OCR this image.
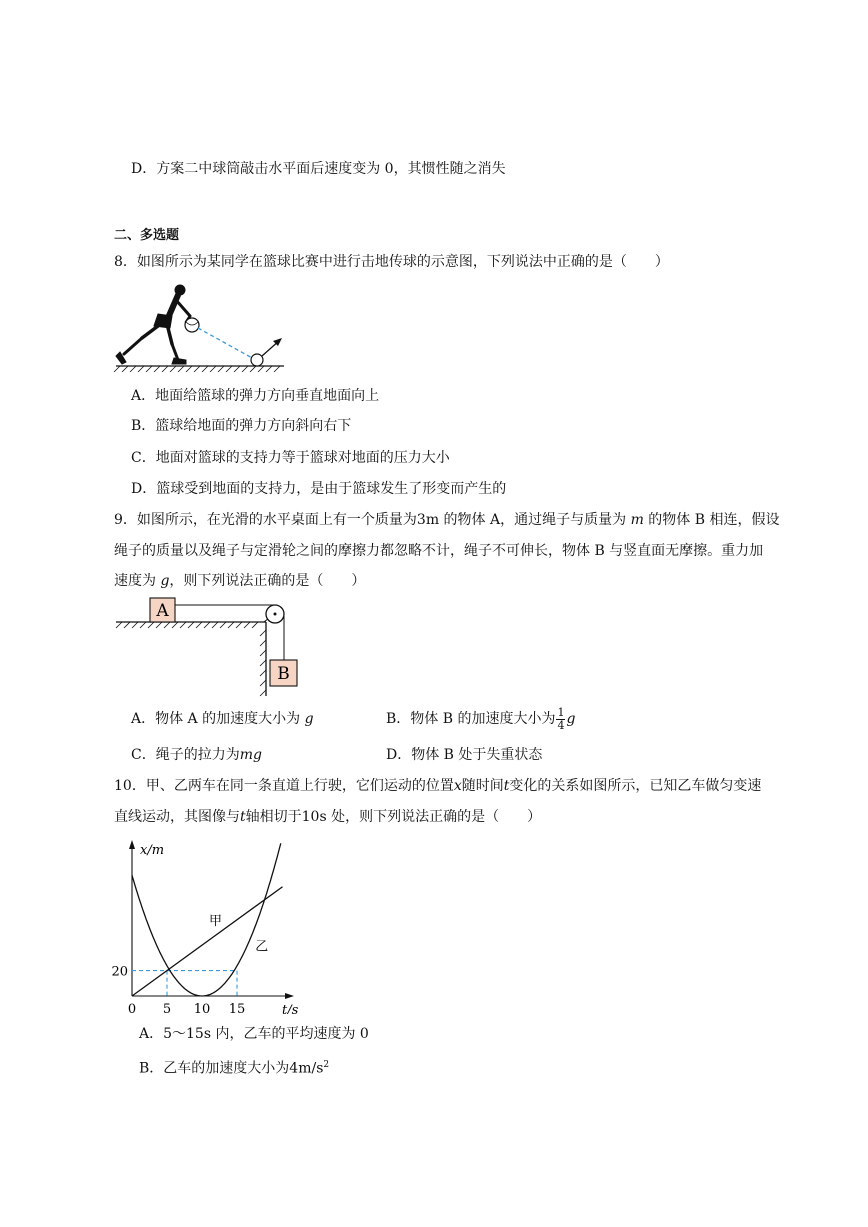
D．方案二中球筒敲击水平面后速度变为 0，其惯性随之消失
二、多选题
8．如图所示为某同学在篮球比赛中进行击地传球的示意图，下列说法中正确的是（　　）
A．地面给篮球的弹力方向垂直地面向上
B．篮球给地面的弹力方向斜向右下
C．地面对篮球的支持力等于篮球对地面的压力大小
D．篮球受到地面的支持力，是由于篮球发生了形变而产生的
9．如图所示，在光滑的水平桌面上有一个质量为3m 的物体 A，通过绳子与质量为 m 的物体 B 相连，假设
绳子的质量以及绳子与定滑轮之间的摩擦力都忽略不计，绳子不可伸长，物体 B 与竖直面无摩擦。重力加
速度为 g，则下列说法正确的是（　　）
A
B
A．物体 A 的加速度大小为 g	B．物体 B 的加速度大小为 $\frac{1}{4}$ g
C．绳子的拉力为mg	D．物体 B 处于失重状态
10．甲、乙两车在同一条直道上行驶，它们运动的位置x随时间t变化的关系如图所示，已知乙车做匀变速
直线运动，其图像与t轴相切于10s 处，则下列说法正确的是（　　）
x/m
t/s
0 5 10 15
20
甲
乙
A．5～15s 内，乙车的平均速度为 0
B．乙车的加速度大小为$4m/s^2$
